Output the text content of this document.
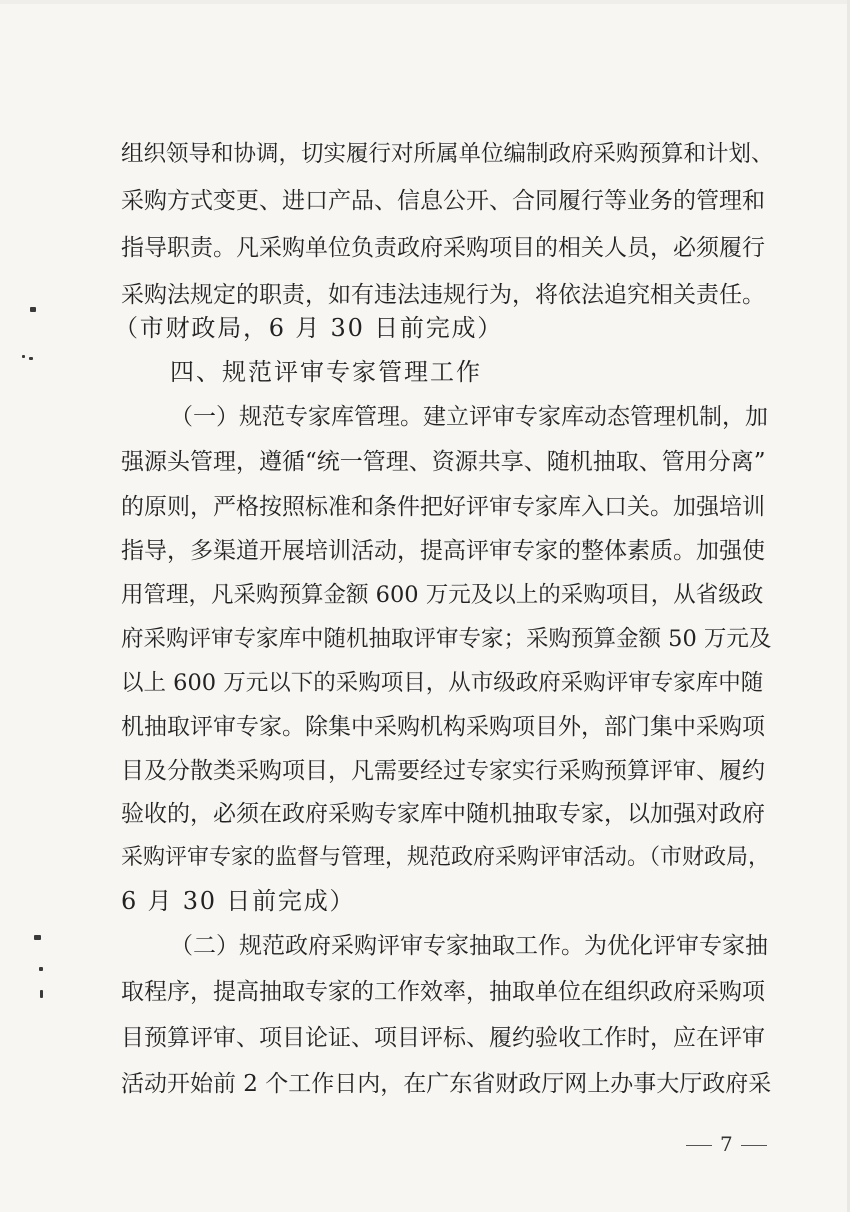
组织领导和协调，切实履行对所属单位编制政府采购预算和计划、
采购方式变更、进口产品、信息公开、合同履行等业务的管理和
指导职责。凡采购单位负责政府采购项目的相关人员，必须履行
采购法规定的职责，如有违法违规行为，将依法追究相关责任。
（市财政局，6 月 30 日前完成）
四、规范评审专家管理工作
（一）规范专家库管理。建立评审专家库动态管理机制，加
强源头管理，遵循“统一管理、资源共享、随机抽取、管用分离”
的原则，严格按照标准和条件把好评审专家库入口关。加强培训
指导，多渠道开展培训活动，提高评审专家的整体素质。加强使
用管理，凡采购预算金额 600 万元及以上的采购项目，从省级政
府采购评审专家库中随机抽取评审专家；采购预算金额 50 万元及
以上 600 万元以下的采购项目，从市级政府采购评审专家库中随
机抽取评审专家。除集中采购机构采购项目外，部门集中采购项
目及分散类采购项目，凡需要经过专家实行采购预算评审、履约
验收的，必须在政府采购专家库中随机抽取专家，以加强对政府
采购评审专家的监督与管理，规范政府采购评审活动。（市财政局，
6 月 30 日前完成）
（二）规范政府采购评审专家抽取工作。为优化评审专家抽
取程序，提高抽取专家的工作效率，抽取单位在组织政府采购项
目预算评审、项目论证、项目评标、履约验收工作时，应在评审
活动开始前 2 个工作日内，在广东省财政厅网上办事大厅政府采
7
